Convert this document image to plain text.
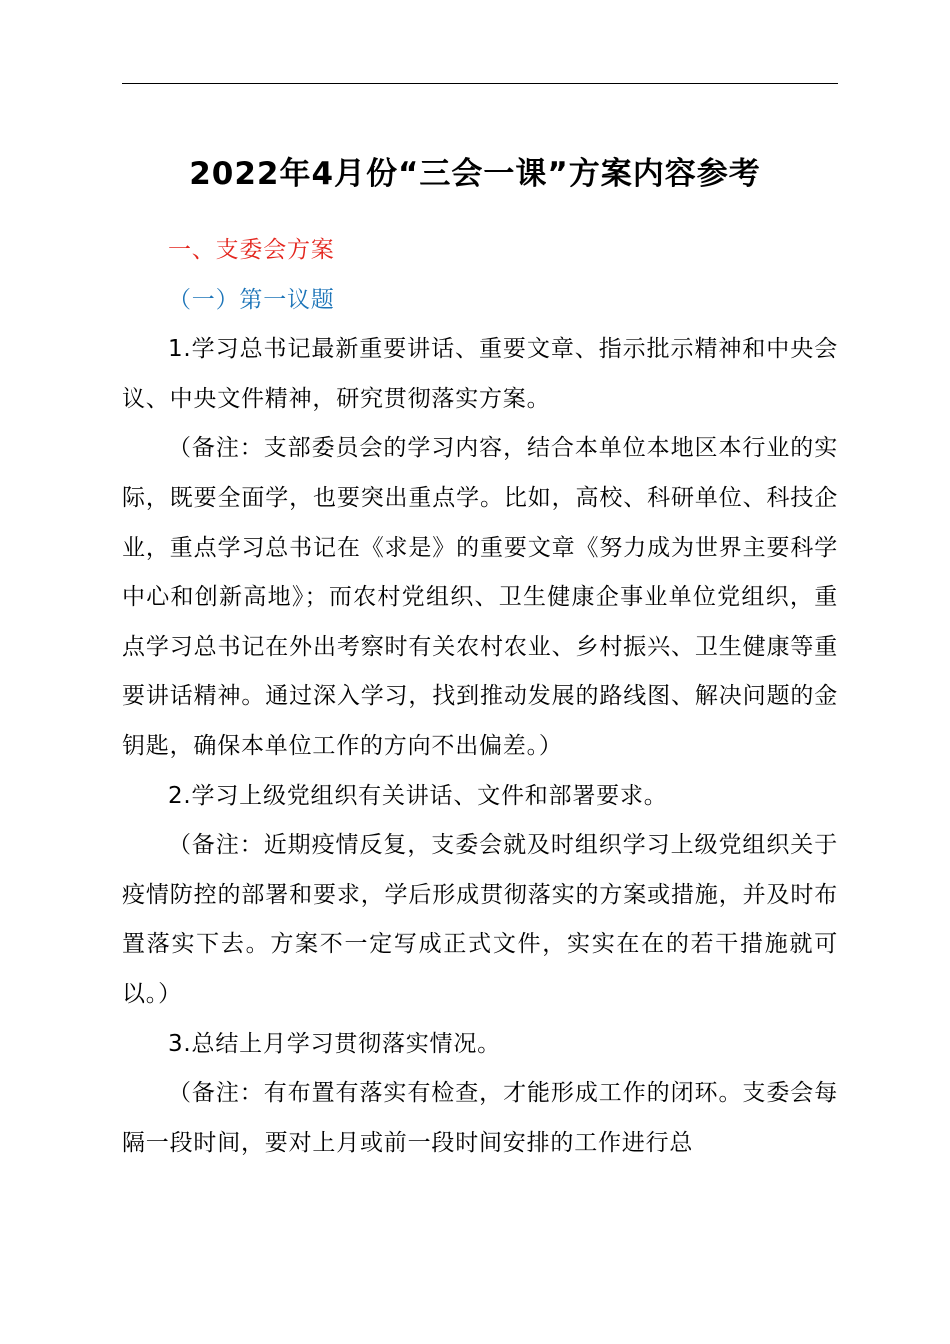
2022年4月份“三会一课”方案内容参考

一、支委会方案

（一）第一议题

1.学习总书记最新重要讲话、重要文章、指示批示精神和中央会议、中央文件精神，研究贯彻落实方案。

（备注：支部委员会的学习内容，结合本单位本地区本行业的实际，既要全面学，也要突出重点学。比如，高校、科研单位、科技企业，重点学习总书记在《求是》的重要文章《努力成为世界主要科学中心和创新高地》；而农村党组织、卫生健康企事业单位党组织，重点学习总书记在外出考察时有关农村农业、乡村振兴、卫生健康等重要讲话精神。通过深入学习，找到推动发展的路线图、解决问题的金钥匙，确保本单位工作的方向不出偏差。）

2.学习上级党组织有关讲话、文件和部署要求。

（备注：近期疫情反复，支委会就及时组织学习上级党组织关于疫情防控的部署和要求，学后形成贯彻落实的方案或措施，并及时布置落实下去。方案不一定写成正式文件，实实在在的若干措施就可以。）

3.总结上月学习贯彻落实情况。

（备注：有布置有落实有检查，才能形成工作的闭环。支委会每隔一段时间，要对上月或前一段时间安排的工作进行总
